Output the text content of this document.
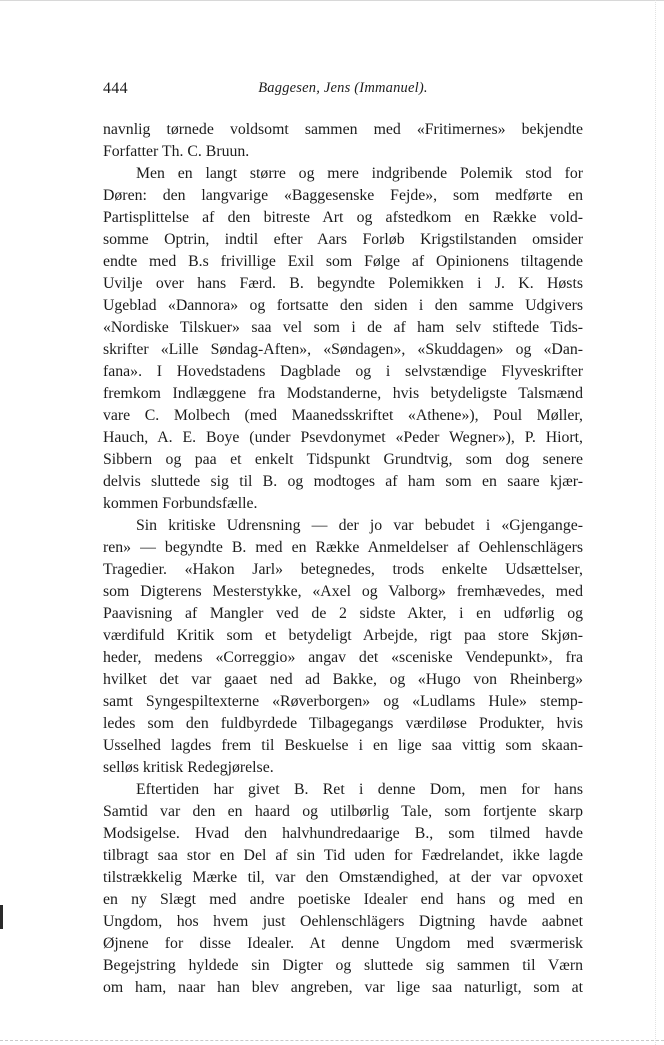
444	Baggesen, Jens (Immanuel).
navnlig tørnede voldsomt sammen med «Fritimernes» bekjendte
Forfatter Th. C. Bruun.
Men en langt større og mere indgribende Polemik stod for
Døren: den langvarige «Baggesenske Fejde», som medførte en
Partisplittelse af den bitreste Art og afstedkom en Række vold-
somme Optrin, indtil efter Aars Forløb Krigstilstanden omsider
endte med B.s frivillige Exil som Følge af Opinionens tiltagende
Uvilje over hans Færd. B. begyndte Polemikken i J. K. Høsts
Ugeblad «Dannora» og fortsatte den siden i den samme Udgivers
«Nordiske Tilskuer» saa vel som i de af ham selv stiftede Tids-
skrifter «Lille Søndag-Aften», «Søndagen», «Skuddagen» og «Dan-
fana». I Hovedstadens Dagblade og i selvstændige Flyveskrifter
fremkom Indlæggene fra Modstanderne, hvis betydeligste Talsmænd
vare C. Molbech (med Maanedsskriftet «Athene»), Poul Møller,
Hauch, A. E. Boye (under Psevdonymet «Peder Wegner»), P. Hiort,
Sibbern og paa et enkelt Tidspunkt Grundtvig, som dog senere
delvis sluttede sig til B. og modtoges af ham som en saare kjær-
kommen Forbundsfælle.
Sin kritiske Udrensning — der jo var bebudet i «Gjengange-
ren» — begyndte B. med en Række Anmeldelser af Oehlenschlägers
Tragedier. «Hakon Jarl» betegnedes, trods enkelte Udsættelser,
som Digterens Mesterstykke, «Axel og Valborg» fremhævedes, med
Paavisning af Mangler ved de 2 sidste Akter, i en udførlig og
værdifuld Kritik som et betydeligt Arbejde, rigt paa store Skjøn-
heder, medens «Correggio» angav det «sceniske Vendepunkt», fra
hvilket det var gaaet ned ad Bakke, og «Hugo von Rheinberg»
samt Syngespiltexterne «Røverborgen» og «Ludlams Hule» stemp-
ledes som den fuldbyrdede Tilbagegangs værdiløse Produkter, hvis
Usselhed lagdes frem til Beskuelse i en lige saa vittig som skaan-
selløs kritisk Redegjørelse.
Eftertiden har givet B. Ret i denne Dom, men for hans
Samtid var den en haard og utilbørlig Tale, som fortjente skarp
Modsigelse. Hvad den halvhundredaarige B., som tilmed havde
tilbragt saa stor en Del af sin Tid uden for Fædrelandet, ikke lagde
tilstrækkelig Mærke til, var den Omstændighed, at der var opvoxet
en ny Slægt med andre poetiske Idealer end hans og med en
Ungdom, hos hvem just Oehlenschlägers Digtning havde aabnet
Øjnene for disse Idealer. At denne Ungdom med sværmerisk
Begejstring hyldede sin Digter og sluttede sig sammen til Værn
om ham, naar han blev angreben, var lige saa naturligt, som at
